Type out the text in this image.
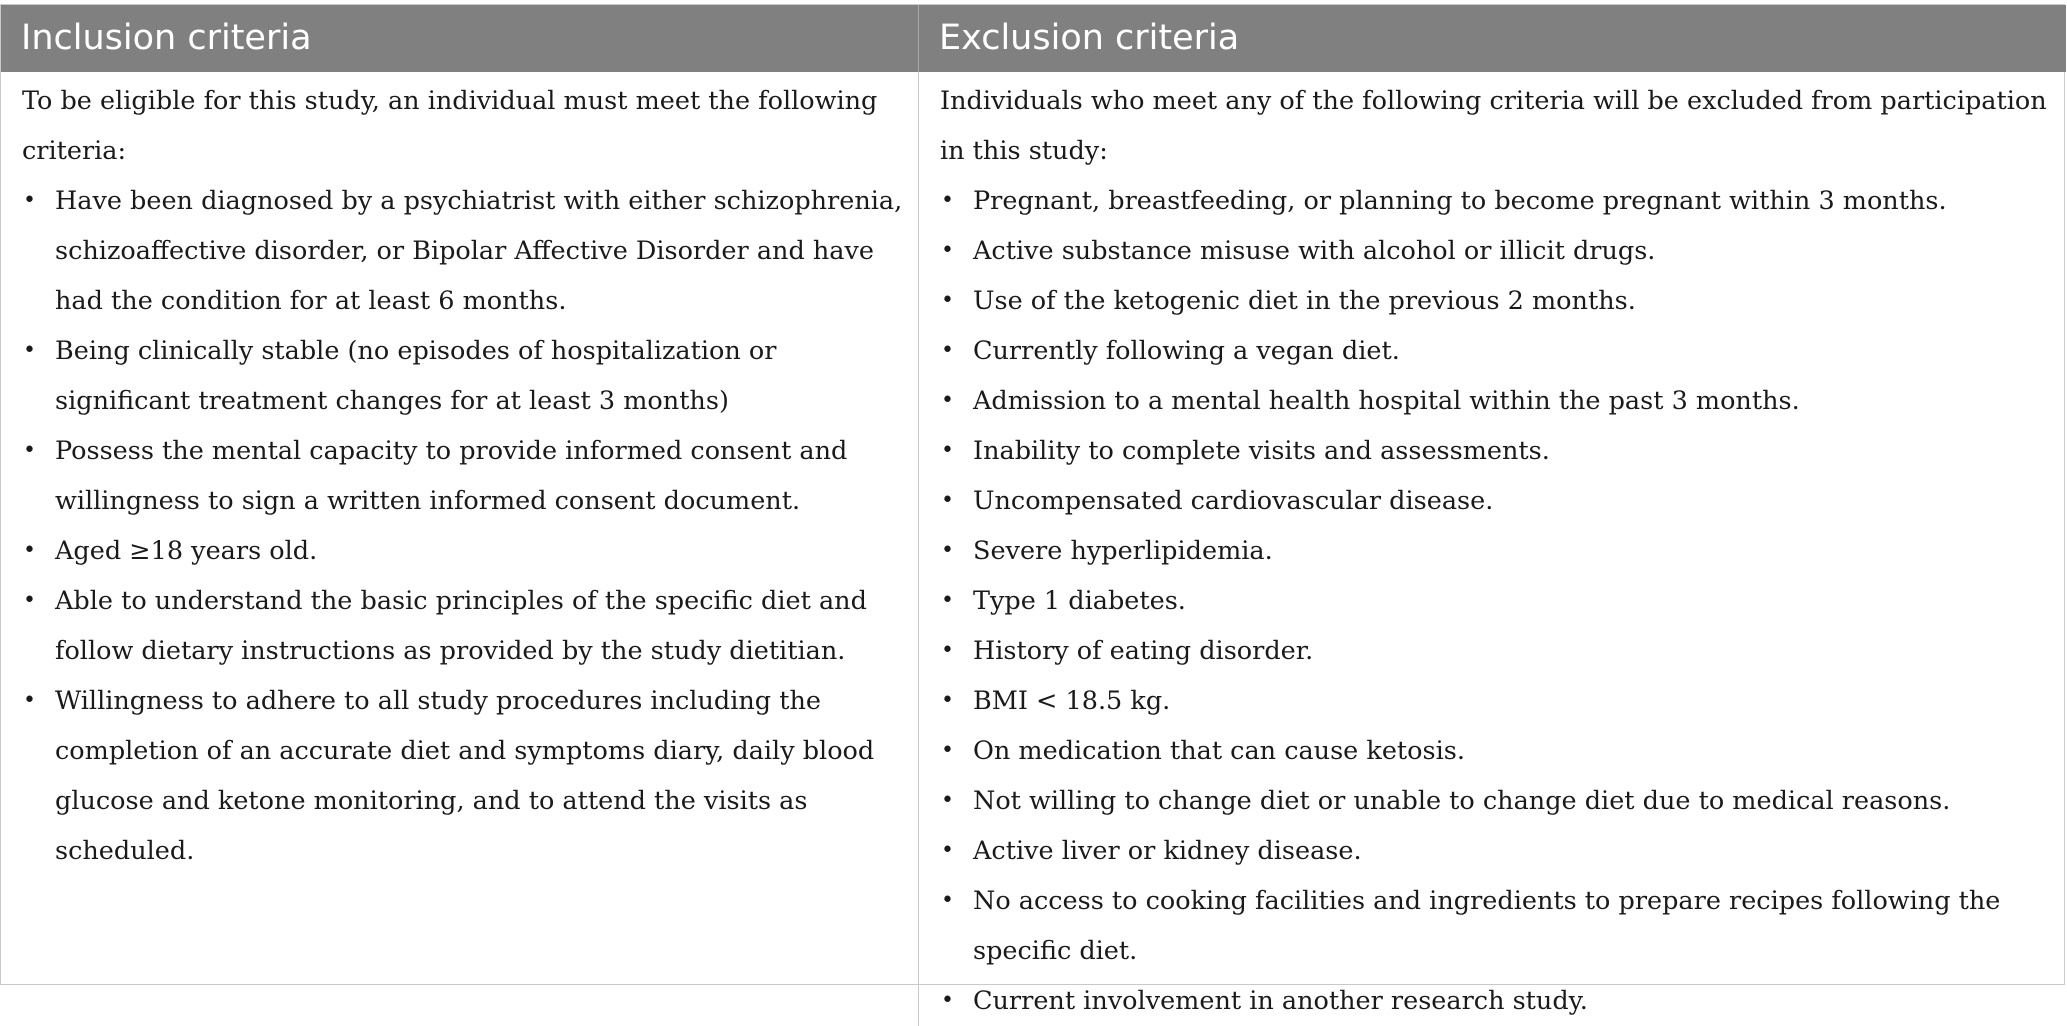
Inclusion criteria	Exclusion criteria

To be eligible for this study, an individual must meet the following criteria:

• Have been diagnosed by a psychiatrist with either schizophrenia, schizoaffective disorder, or Bipolar Affective Disorder and have had the condition for at least 6 months.
• Being clinically stable (no episodes of hospitalization or significant treatment changes for at least 3 months)
• Possess the mental capacity to provide informed consent and willingness to sign a written informed consent document.
• Aged ≥18 years old.
• Able to understand the basic principles of the specific diet and follow dietary instructions as provided by the study dietitian.
• Willingness to adhere to all study procedures including the completion of an accurate diet and symptoms diary, daily blood glucose and ketone monitoring, and to attend the visits as scheduled.

Individuals who meet any of the following criteria will be excluded from participation in this study:

• Pregnant, breastfeeding, or planning to become pregnant within 3 months.
• Active substance misuse with alcohol or illicit drugs.
• Use of the ketogenic diet in the previous 2 months.
• Currently following a vegan diet.
• Admission to a mental health hospital within the past 3 months.
• Inability to complete visits and assessments.
• Uncompensated cardiovascular disease.
• Severe hyperlipidemia.
• Type 1 diabetes.
• History of eating disorder.
• BMI < 18.5 kg.
• On medication that can cause ketosis.
• Not willing to change diet or unable to change diet due to medical reasons.
• Active liver or kidney disease.
• No access to cooking facilities and ingredients to prepare recipes following the specific diet.
• Current involvement in another research study.
